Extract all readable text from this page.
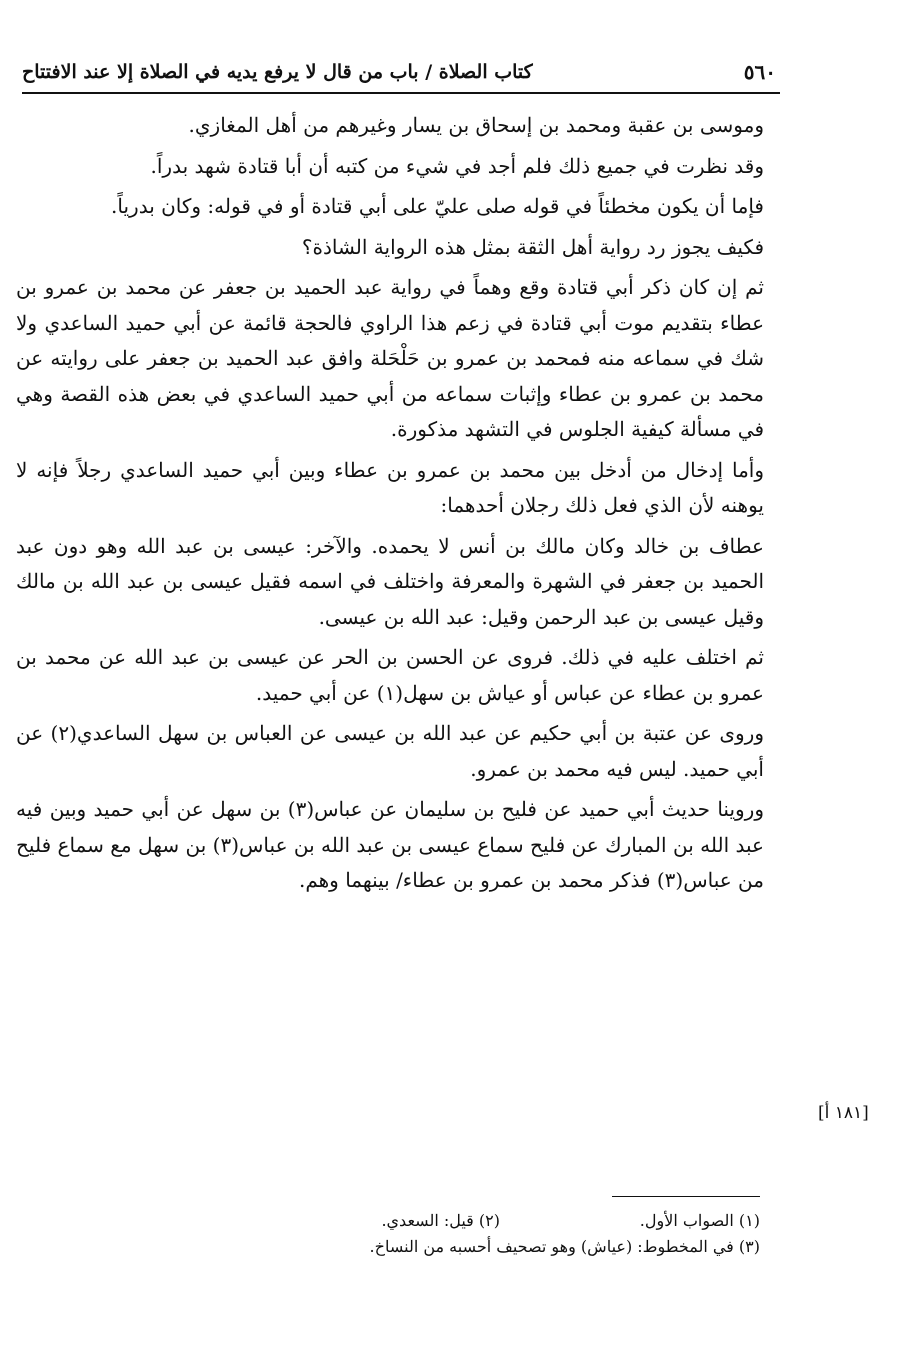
٥٦٠
كتاب الصلاة / باب من قال لا يرفع يديه في الصلاة إلا عند الافتتاح

وموسى بن عقبة ومحمد بن إسحاق بن يسار وغيرهم من أهل المغازي.

وقد نظرت في جميع ذلك فلم أجد في شيء من كتبه أن أبا قتادة شهد بدراً.

فإما أن يكون مخطئاً في قوله صلى عليّ على أبي قتادة أو في قوله: وكان بدرياً.

فكيف يجوز رد رواية أهل الثقة بمثل هذه الرواية الشاذة؟

ثم إن كان ذكر أبي قتادة وقع وهماً في رواية عبد الحميد بن جعفر عن محمد بن عمرو بن عطاء بتقديم موت أبي قتادة في زعم هذا الراوي فالحجة قائمة عن أبي حميد الساعدي ولا شك في سماعه منه فمحمد بن عمرو بن حَلْحَلة وافق عبد الحميد بن جعفر على روايته عن محمد بن عمرو بن عطاء وإثبات سماعه من أبي حميد الساعدي في بعض هذه القصة وهي في مسألة كيفية الجلوس في التشهد مذكورة.

وأما إدخال من أدخل بين محمد بن عمرو بن عطاء وبين أبي حميد الساعدي رجلاً فإنه لا يوهنه لأن الذي فعل ذلك رجلان أحدهما:

عطاف بن خالد وكان مالك بن أنس لا يحمده. والآخر: عيسى بن عبد الله وهو دون عبد الحميد بن جعفر في الشهرة والمعرفة واختلف في اسمه فقيل عيسى بن عبد الله بن مالك وقيل عيسى بن عبد الرحمن وقيل: عبد الله بن عيسى.

ثم اختلف عليه في ذلك. فروى عن الحسن بن الحر عن عيسى بن عبد الله عن محمد بن عمرو بن عطاء عن عباس أو عياش بن سهل(١) عن أبي حميد.

وروى عن عتبة بن أبي حكيم عن عبد الله بن عيسى عن العباس بن سهل الساعدي(٢) عن أبي حميد. ليس فيه محمد بن عمرو.

وروينا حديث أبي حميد عن فليح بن سليمان عن عباس(٣) بن سهل عن أبي حميد وبين فيه عبد الله بن المبارك عن فليح سماع عيسى بن عبد الله بن عباس(٣) بن سهل مع سماع فليح من عباس(٣) فذكر محمد بن عمرو بن عطاء/ بينهما وهم.

[١٨١ أ]
(١) الصواب الأول.
(٢) قيل: السعدي.
(٣) في المخطوط: (عياش) وهو تصحيف أحسبه من النساخ.
